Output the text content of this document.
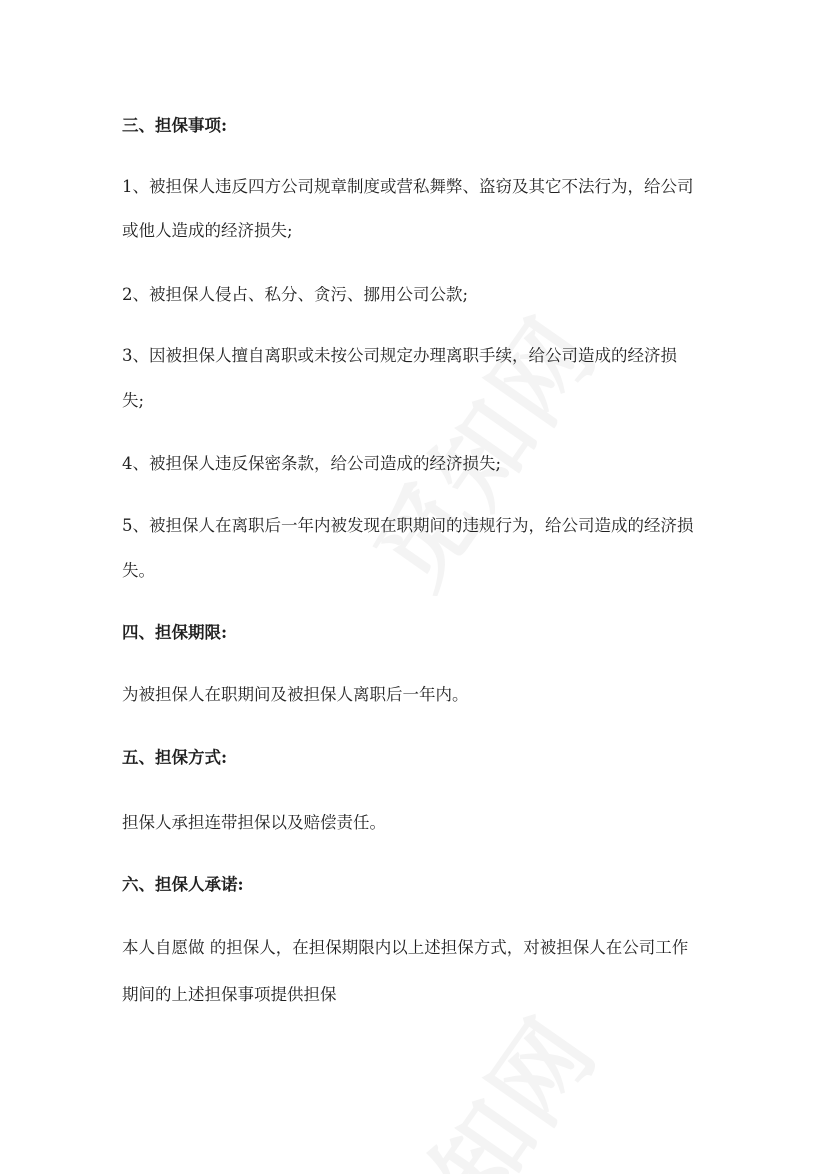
三、担保事项:
1、被担保人违反四方公司规章制度或营私舞弊、盗窃及其它不法行为，给公司
或他人造成的经济损失;
2、被担保人侵占、私分、贪污、挪用公司公款;
3、因被担保人擅自离职或未按公司规定办理离职手续，给公司造成的经济损
失;
4、被担保人违反保密条款，给公司造成的经济损失;
5、被担保人在离职后一年内被发现在职期间的违规行为，给公司造成的经济损
失。
四、担保期限:
为被担保人在职期间及被担保人离职后一年内。
五、担保方式:
担保人承担连带担保以及赔偿责任。
六、担保人承诺:
本人自愿做 的担保人，在担保期限内以上述担保方式，对被担保人在公司工作
期间的上述担保事项提供担保
